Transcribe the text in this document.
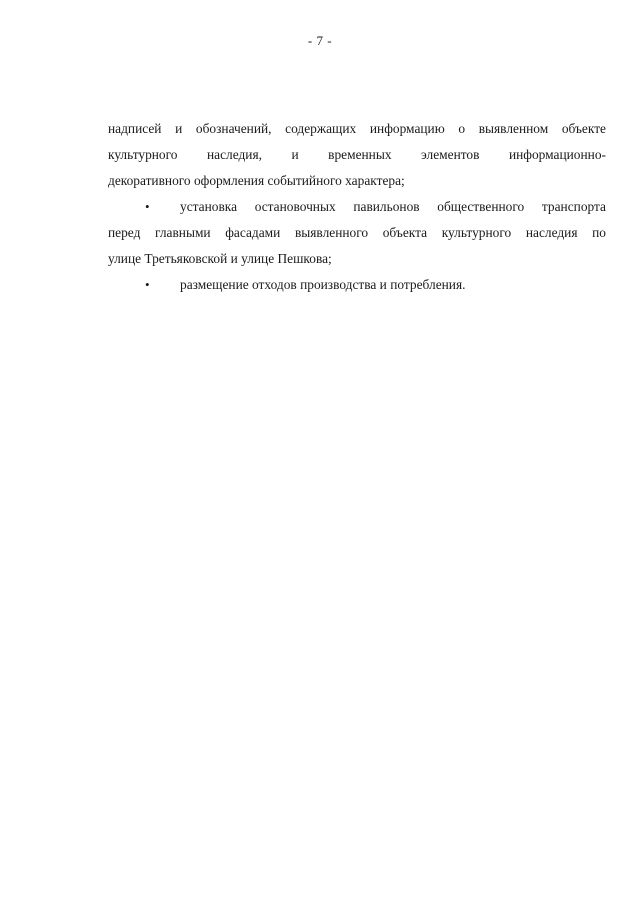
- 7 -
надписей и обозначений, содержащих информацию о выявленном объекте
культурного наследия, и временных элементов информационно-
декоративного оформления событийного характера;
• установка остановочных павильонов общественного транспорта
перед главными фасадами выявленного объекта культурного наследия по
улице Третьяковской и улице Пешкова;
• размещение отходов производства и потребления.
